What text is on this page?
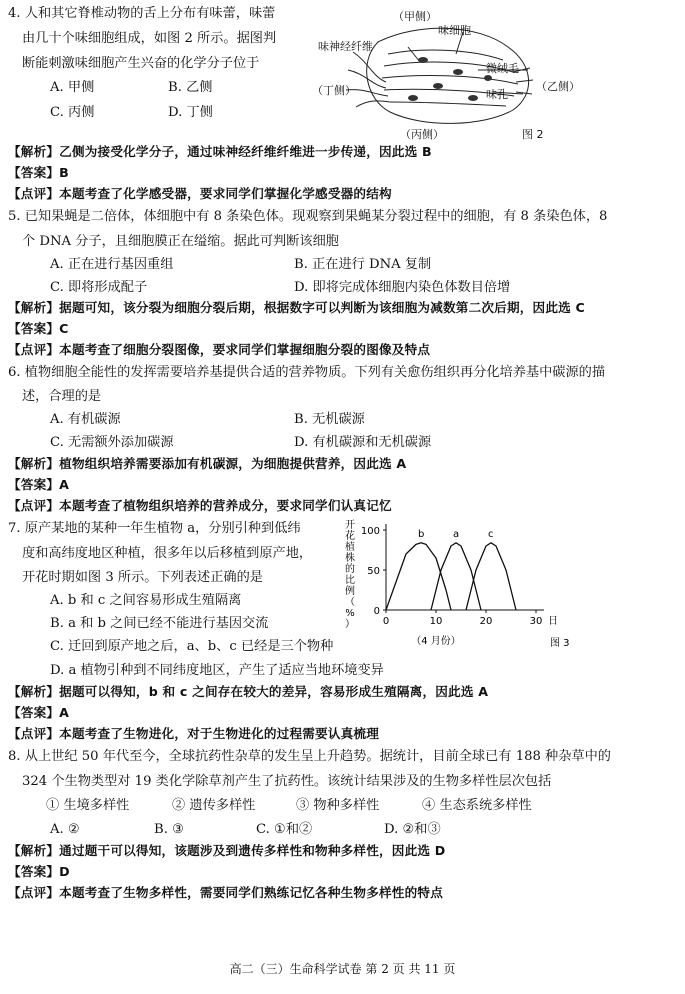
4. 人和其它脊椎动物的舌上分布有味蕾，味蕾
由几十个味细胞组成，如图 2 所示。据图判
断能刺激味细胞产生兴奋的化学分子位于
A. 甲侧	B. 乙侧
C. 丙侧	D. 丁侧
（甲侧）
味神经纤维
味细胞
微绒毛
味孔
（乙侧）
（丁侧）
（丙侧）	图 2
【解析】乙侧为接受化学分子，通过味神经纤维纤维进一步传递，因此选 B
【答案】B
【点评】本题考查了化学感受器，要求同学们掌握化学感受器的结构
5. 已知果蝇是二倍体，体细胞中有 8 条染色体。现观察到果蝇某分裂过程中的细胞，有 8 条染色体，8
个 DNA 分子，且细胞膜正在缢缩。据此可判断该细胞
A. 正在进行基因重组	B. 正在进行 DNA 复制
C. 即将形成配子	D. 即将完成体细胞内染色体数目倍增
【解析】据题可知，该分裂为细胞分裂后期，根据数字可以判断为该细胞为减数第二次后期，因此选 C
【答案】C
【点评】本题考查了细胞分裂图像，要求同学们掌握细胞分裂的图像及特点
6. 植物细胞全能性的发挥需要培养基提供合适的营养物质。下列有关愈伤组织再分化培养基中碳源的描
述，合理的是
A. 有机碳源	B. 无机碳源
C. 无需额外添加碳源	D. 有机碳源和无机碳源
【解析】植物组织培养需要添加有机碳源，为细胞提供营养，因此选 A
【答案】A
【点评】本题考查了植物组织培养的营养成分，要求同学们认真记忆
7. 原产某地的某种一年生植物 a，分别引种到低纬
度和高纬度地区种植，很多年以后移植到原产地，
开花时期如图 3 所示。下列表述正确的是
A. b 和 c 之间容易形成生殖隔离
B. a 和 b 之间已经不能进行基因交流
C. 迁回到原产地之后，a、b、c 已经是三个物种
D. a 植物引种到不同纬度地区，产生了适应当地环境变异
0
50
100
0	10	20	30 日
开
花
植
株
的
比
例
（
%
）
b	a	c
（4 月份）	图 3
【解析】据题可以得知，b 和 c 之间存在较大的差异，容易形成生殖隔离，因此选 A
【答案】A
【点评】本题考查了生物进化，对于生物进化的过程需要认真梳理
8. 从上世纪 50 年代至今，全球抗药性杂草的发生呈上升趋势。据统计，目前全球已有 188 种杂草中的
324 个生物类型对 19 类化学除草剂产生了抗药性。该统计结果涉及的生物多样性层次包括
① 生境多样性	② 遗传多样性	③ 物种多样性	④ 生态系统多样性
A. ②	B. ③	C. ①和②	D. ②和③
【解析】通过题干可以得知，该题涉及到遗传多样性和物种多样性，因此选 D
【答案】D
【点评】本题考查了生物多样性，需要同学们熟练记忆各种生物多样性的特点
高二（三）生命科学试卷 第 2 页 共 11 页
